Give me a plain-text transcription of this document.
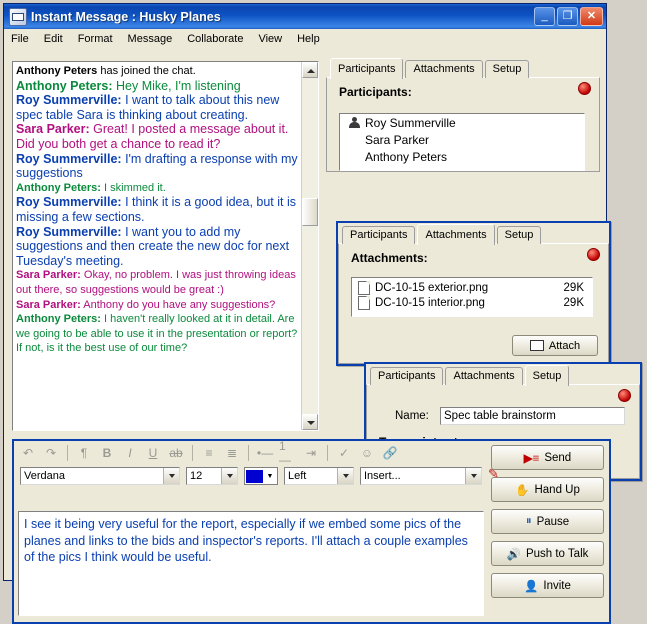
Instant Message : Husky Planes	_	❐	✕
File Edit Format Message Collaborate View Help
Anthony Peters has joined the chat.
Anthony Peters: Hey Mike, I'm listening
Roy Summerville: I want to talk about this new spec table Sara is thinking about creating.
Sara Parker: Great! I posted a message about it. Did you both get a chance to read it?
Roy Summerville: I'm drafting a response with my suggestions
Anthony Peters: I skimmed it.
Roy Summerville: I think it is a good idea, but it is missing a few sections.
Roy Summerville: I want you to add my suggestions and then create the new doc for next Tuesday's meeting.
Sara Parker: Okay, no problem. I was just throwing ideas out there, so suggestions would be great :)
Sara Parker: Anthony do you have any suggestions?
Anthony Peters: I haven't really looked at it in detail. Are we going to be able to use it in the presentation or report? If not, is it the best use of our time?
Participants	Attachments	Setup
Participants:
Roy Summerville
Sara Parker
Anthony Peters
Participants	Attachments	Setup
Attachments:
DC-10-15 exterior.png	29K
DC-10-15 interior.png	29K
Attach
Participants	Attachments	Setup
Name:
Spec table brainstorm
↶	↷	¶	B I U ab	≡	≣	•— 1—	⇥	✓ ☺ 🔗
Verdana	12	▼	Left	Insert...
✎
I see it being very useful for the report, especially if we embed some pics of the planes and links to the bids and inspector's reports. I'll attach a couple examples of the pics I think would be useful.
▶≡ Send
✋ Hand Up
⏸ Pause
🔊 Push to Talk
👤 Invite
